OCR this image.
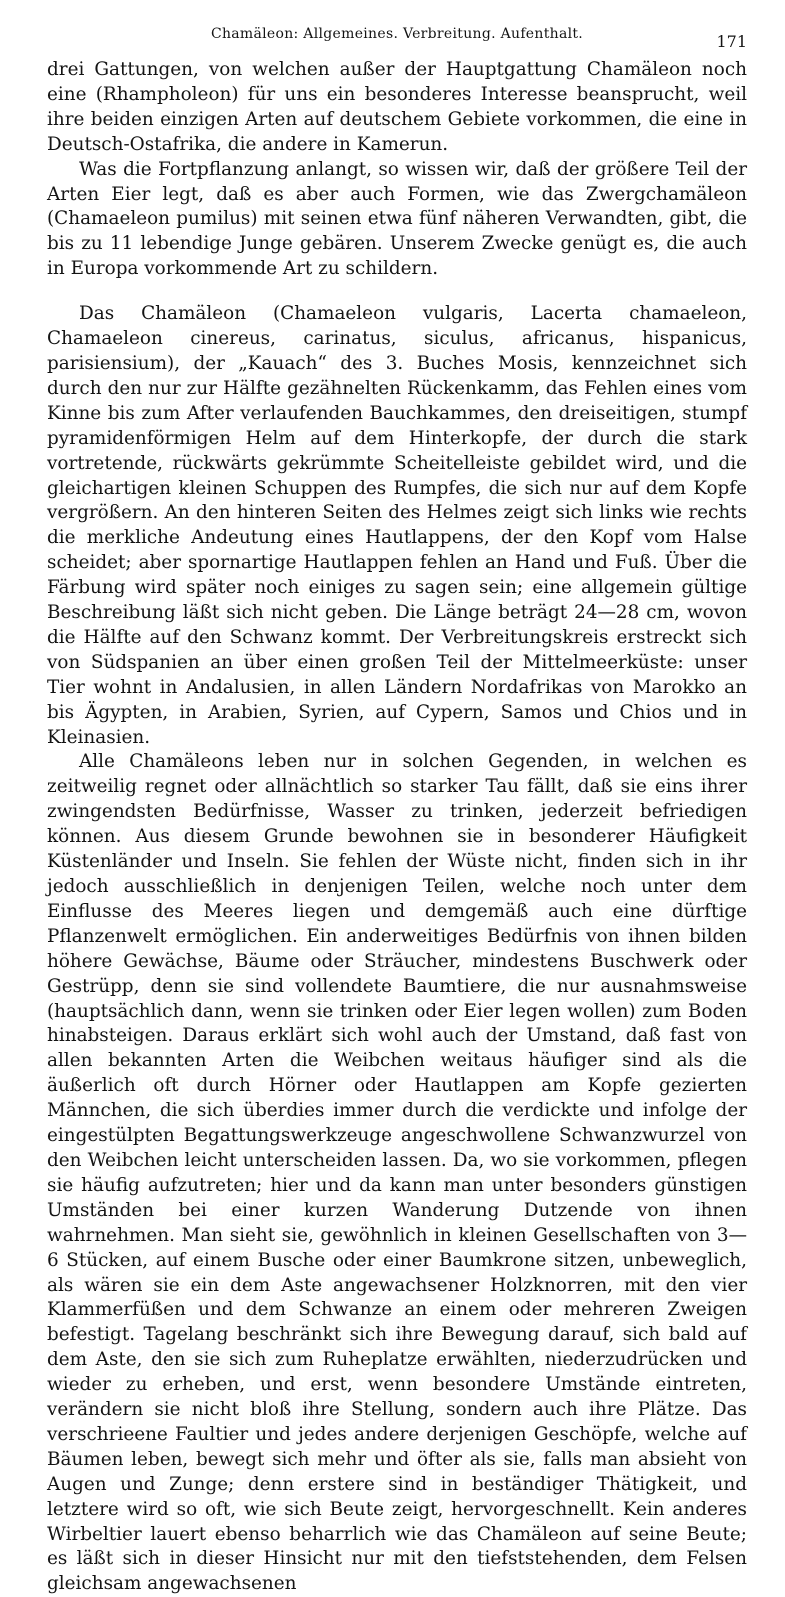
Chamäleon: Allgemeines. Verbreitung. Aufenthalt.	171

drei Gattungen, von welchen außer der Hauptgattung Chamäleon noch eine (Rhampholeon) für uns ein besonderes Interesse beansprucht, weil ihre beiden einzigen Arten auf deutschem Gebiete vorkommen, die eine in Deutsch-Ostafrika, die andere in Kamerun.

Was die Fortpflanzung anlangt, so wissen wir, daß der größere Teil der Arten Eier legt, daß es aber auch Formen, wie das Zwergchamäleon (Chamaeleon pumilus) mit seinen etwa fünf näheren Verwandten, gibt, die bis zu 11 lebendige Junge gebären. Unserem Zwecke genügt es, die auch in Europa vorkommende Art zu schildern.

Das Chamäleon (Chamaeleon vulgaris, Lacerta chamaeleon, Chamaeleon cinereus, carinatus, siculus, africanus, hispanicus, parisiensium), der „Kauach“ des 3. Buches Mosis, kennzeichnet sich durch den nur zur Hälfte gezähnelten Rückenkamm, das Fehlen eines vom Kinne bis zum After verlaufenden Bauchkammes, den dreiseitigen, stumpf pyramidenförmigen Helm auf dem Hinterkopfe, der durch die stark vortretende, rückwärts gekrümmte Scheitelleiste gebildet wird, und die gleichartigen kleinen Schuppen des Rumpfes, die sich nur auf dem Kopfe vergrößern. An den hinteren Seiten des Helmes zeigt sich links wie rechts die merkliche Andeutung eines Hautlappens, der den Kopf vom Halse scheidet; aber spornartige Hautlappen fehlen an Hand und Fuß. Über die Färbung wird später noch einiges zu sagen sein; eine allgemein gültige Beschreibung läßt sich nicht geben. Die Länge beträgt 24—28 cm, wovon die Hälfte auf den Schwanz kommt. Der Verbreitungskreis erstreckt sich von Südspanien an über einen großen Teil der Mittelmeerküste: unser Tier wohnt in Andalusien, in allen Ländern Nordafrikas von Marokko an bis Ägypten, in Arabien, Syrien, auf Cypern, Samos und Chios und in Kleinasien.

Alle Chamäleons leben nur in solchen Gegenden, in welchen es zeitweilig regnet oder allnächtlich so starker Tau fällt, daß sie eins ihrer zwingendsten Bedürfnisse, Wasser zu trinken, jederzeit befriedigen können. Aus diesem Grunde bewohnen sie in besonderer Häufigkeit Küstenländer und Inseln. Sie fehlen der Wüste nicht, finden sich in ihr jedoch ausschließlich in denjenigen Teilen, welche noch unter dem Einflusse des Meeres liegen und demgemäß auch eine dürftige Pflanzenwelt ermöglichen. Ein anderweitiges Bedürfnis von ihnen bilden höhere Gewächse, Bäume oder Sträucher, mindestens Buschwerk oder Gestrüpp, denn sie sind vollendete Baumtiere, die nur ausnahmsweise (hauptsächlich dann, wenn sie trinken oder Eier legen wollen) zum Boden hinabsteigen. Daraus erklärt sich wohl auch der Umstand, daß fast von allen bekannten Arten die Weibchen weitaus häufiger sind als die äußerlich oft durch Hörner oder Hautlappen am Kopfe gezierten Männchen, die sich überdies immer durch die verdickte und infolge der eingestülpten Begattungswerkzeuge angeschwollene Schwanzwurzel von den Weibchen leicht unterscheiden lassen. Da, wo sie vorkommen, pflegen sie häufig aufzutreten; hier und da kann man unter besonders günstigen Umständen bei einer kurzen Wanderung Dutzende von ihnen wahrnehmen. Man sieht sie, gewöhnlich in kleinen Gesellschaften von 3—6 Stücken, auf einem Busche oder einer Baumkrone sitzen, unbeweglich, als wären sie ein dem Aste angewachsener Holzknorren, mit den vier Klammerfüßen und dem Schwanze an einem oder mehreren Zweigen befestigt. Tagelang beschränkt sich ihre Bewegung darauf, sich bald auf dem Aste, den sie sich zum Ruheplatze erwählten, niederzudrücken und wieder zu erheben, und erst, wenn besondere Umstände eintreten, verändern sie nicht bloß ihre Stellung, sondern auch ihre Plätze. Das verschrieene Faultier und jedes andere derjenigen Geschöpfe, welche auf Bäumen leben, bewegt sich mehr und öfter als sie, falls man absieht von Augen und Zunge; denn erstere sind in beständiger Thätigkeit, und letztere wird so oft, wie sich Beute zeigt, hervorgeschnellt. Kein anderes Wirbeltier lauert ebenso beharrlich wie das Chamäleon auf seine Beute; es läßt sich in dieser Hinsicht nur mit den tiefststehenden, dem Felsen gleichsam angewachsenen
